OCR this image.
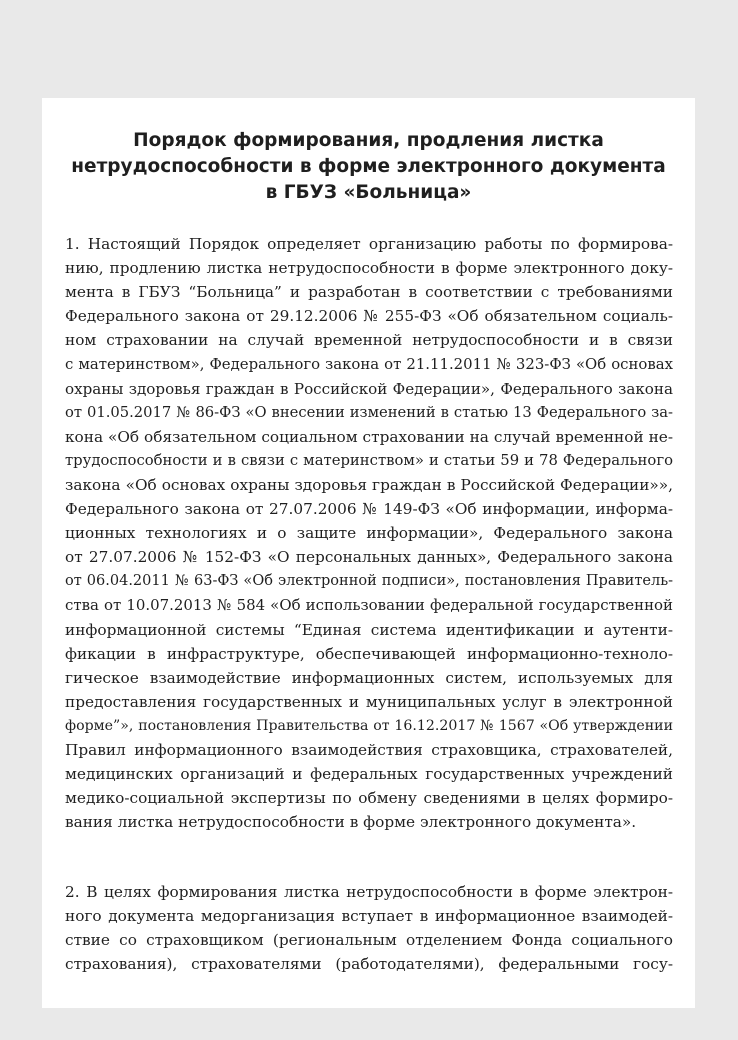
Порядок формирования, продления листка
нетрудоспособности в форме электронного документа
в ГБУЗ «Больница»

1. Настоящий Порядок определяет организацию работы по формирова-
нию, продлению листка нетрудоспособности в форме электронного доку-
мента в ГБУЗ “Больница” и разработан в соответствии с требованиями
Федерального закона от 29.12.2006 № 255-ФЗ «Об обязательном социаль-
ном страховании на случай временной нетрудоспособности и в связи
с материнством», Федерального закона от 21.11.2011 № 323-ФЗ «Об основах
охраны здоровья граждан в Российской Федерации», Федерального закона
от 01.05.2017 № 86-ФЗ «О внесении изменений в статью 13 Федерального за-
кона «Об обязательном социальном страховании на случай временной не-
трудоспособности и в связи с материнством» и статьи 59 и 78 Федерального
закона «Об основах охраны здоровья граждан в Российской Федерации»»,
Федерального закона от 27.07.2006 № 149-ФЗ «Об информации, информа-
ционных технологиях и о защите информации», Федерального закона
от 27.07.2006 № 152-ФЗ «О персональных данных», Федерального закона
от 06.04.2011 № 63-ФЗ «Об электронной подписи», постановления Правитель-
ства от 10.07.2013 № 584 «Об использовании федеральной государственной
информационной системы “Единая система идентификации и аутенти-
фикации в инфраструктуре, обеспечивающей информационно-техноло-
гическое взаимодействие информационных систем, используемых для
предоставления государственных и муниципальных услуг в электронной
форме”», постановления Правительства от 16.12.2017 № 1567 «Об утверждении
Правил информационного взаимодействия страховщика, страхователей,
медицинских организаций и федеральных государственных учреждений
медико-социальной экспертизы по обмену сведениями в целях формиро-
вания листка нетрудоспособности в форме электронного документа».

2. В целях формирования листка нетрудоспособности в форме электрон-
ного документа медорганизация вступает в информационное взаимодей-
ствие со страховщиком (региональным отделением Фонда социального
страхования), страхователями (работодателями), федеральными госу-
